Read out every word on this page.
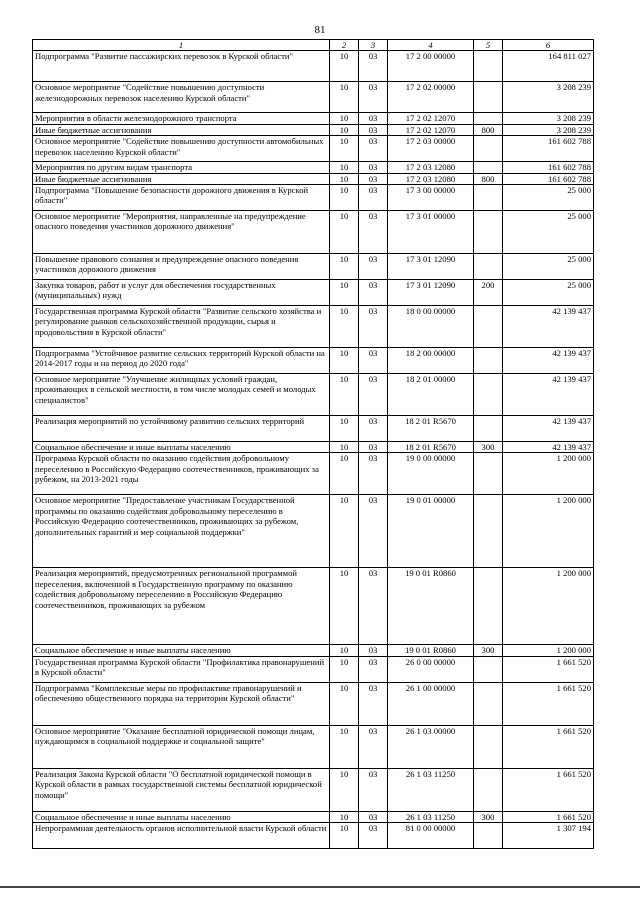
81
1	2	3	4	5	6
Подпрограмма "Развитие пассажирских перевозок в Курской области"	10	03	17 2 00 00000		164 811 027
Основное мероприятие "Содействие повышению доступности железнодорожных перевозок населению Курской области"	10	03	17 2 02 00000		3 208 239
Мероприятия в области железнодорожного транспорта	10	03	17 2 02 12070		3 208 239
Иные бюджетные ассигнования	10	03	17 2 02 12070	800	3 208 239
Основное мероприятие "Содействие повышению доступности автомобильных перевозок населению Курской области"	10	03	17 2 03 00000		161 602 788
Мероприятия по другим видам транспорта	10	03	17 2 03 12080		161 602 788
Иные бюджетные ассигнования	10	03	17 2 03 12080	800	161 602 788
Подпрограмма "Повышение безопасности дорожного движения в Курской области"	10	03	17 3 00 00000		25 000
Основное мероприятие "Мероприятия, направленные на предупреждение опасного поведения участников дорожного движения"	10	03	17 3 01 00000		25 000
Повышение правового сознания и предупреждение опасного поведения участников дорожного движения	10	03	17 3 01 12090		25 000
Закупка товаров, работ и услуг для обеспечения государственных (муниципальных) нужд	10	03	17 3 01 12090	200	25 000
Государственная программа Курской области "Развитие сельского хозяйства и регулирование рынков сельскохозяйственной продукции, сырья и продовольствия в Курской области"	10	03	18 0 00 00000		42 139 437
Подпрограмма "Устойчивое развитие сельских территорий Курской области на 2014-2017 годы и на период до 2020 года"	10	03	18 2 00 00000		42 139 437
Основное мероприятие "Улучшение жилищных условий граждан, проживающих в сельской местности, в том числе молодых семей и молодых специалистов"	10	03	18 2 01 00000		42 139 437
Реализация мероприятий по устойчивому развитию сельских территорий	10	03	18 2 01 R5670		42 139 437
Социальное обеспечение и иные выплаты населению	10	03	18 2 01 R5670	300	42 139 437
Программа Курской области по оказанию содействия добровольному переселению в Российскую Федерацию соотечественников, проживающих за рубежом, на 2013-2021 годы	10	03	19 0 00 00000		1 200 000
Основное мероприятие "Предоставление участникам Государственной программы по оказанию содействия добровольному переселению в Российскую Федерацию соотечественников, проживающих за рубежом, дополнительных гарантий и мер социальной поддержки"	10	03	19 0 01 00000		1 200 000
Реализация мероприятий, предусмотренных региональной программой переселения, включенной в Государственную программу по оказанию содействия добровольному переселению в Российскую Федерацию соотечественников, проживающих за рубежом	10	03	19 0 01 R0860		1 200 000
Социальное обеспечение и иные выплаты населению	10	03	19 0 01 R0860	300	1 200 000
Государственная программа Курской области "Профилактика правонарушений в Курской области"	10	03	26 0 00 00000		1 661 520
Подпрограмма "Комплексные меры по профилактике правонарушений и обеспечению общественного порядка на территории Курской области"	10	03	26 1 00 00000		1 661 520
Основное мероприятие "Оказание бесплатной юридической помощи лицам, нуждающимся в социальной поддержке и социальной защите"	10	03	26 1 03 00000		1 661 520
Реализация Закона Курской области "О бесплатной юридической помощи в Курской области в рамках государственной системы бесплатной юридической помощи"	10	03	26 1 03 11250		1 661 520
Социальное обеспечение и иные выплаты населению	10	03	26 1 03 11250	300	1 661 520
Непрограммная деятельность органов исполнительной власти Курской области	10	03	81 0 00 00000		1 307 194
